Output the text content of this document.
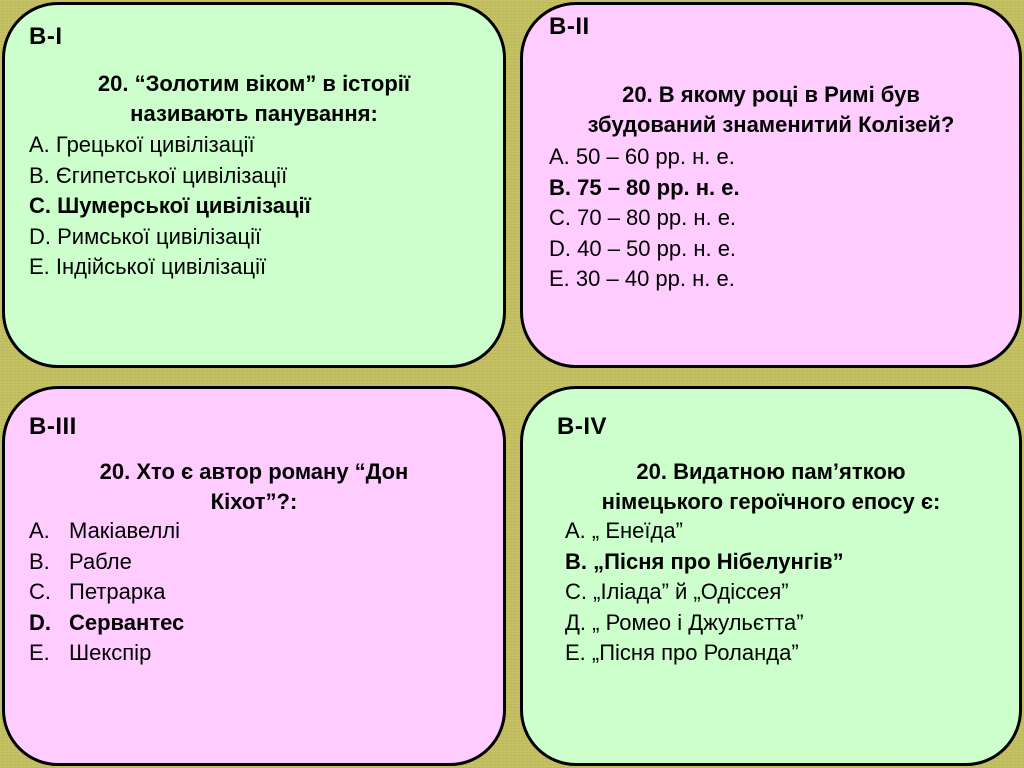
В-І
20. “Золотим віком” в історії
називають панування:
А. Грецької цивілізації
В. Єгипетської цивілізації
С. Шумерської цивілізації
D. Римської цивілізації
Е. Індійської цивілізації
В-ІІ
20. В якому році в Римі був
збудований знаменитий Колізей?
А. 50 – 60 рр. н. е.
В. 75 – 80 рр. н. е.
С. 70 – 80 рр. н. е.
D. 40 – 50 рр. н. е.
Е. 30 – 40 рр. н. е.
В-ІІІ
20. Хто є автор роману “Дон
Кіхот”?:
А. Макіавеллі
В. Рабле
С. Петрарка
D. Сервантес
Е. Шекспір
В-ІV
20. Видатною пам’яткою
німецького героїчного епосу є:
А. „ Енеїда”
В. „Пісня про Нібелунгів”
С. „Іліада” й „Одіссея”
Д. „ Ромео і Джульєтта”
Е. „Пісня про Роланда”
